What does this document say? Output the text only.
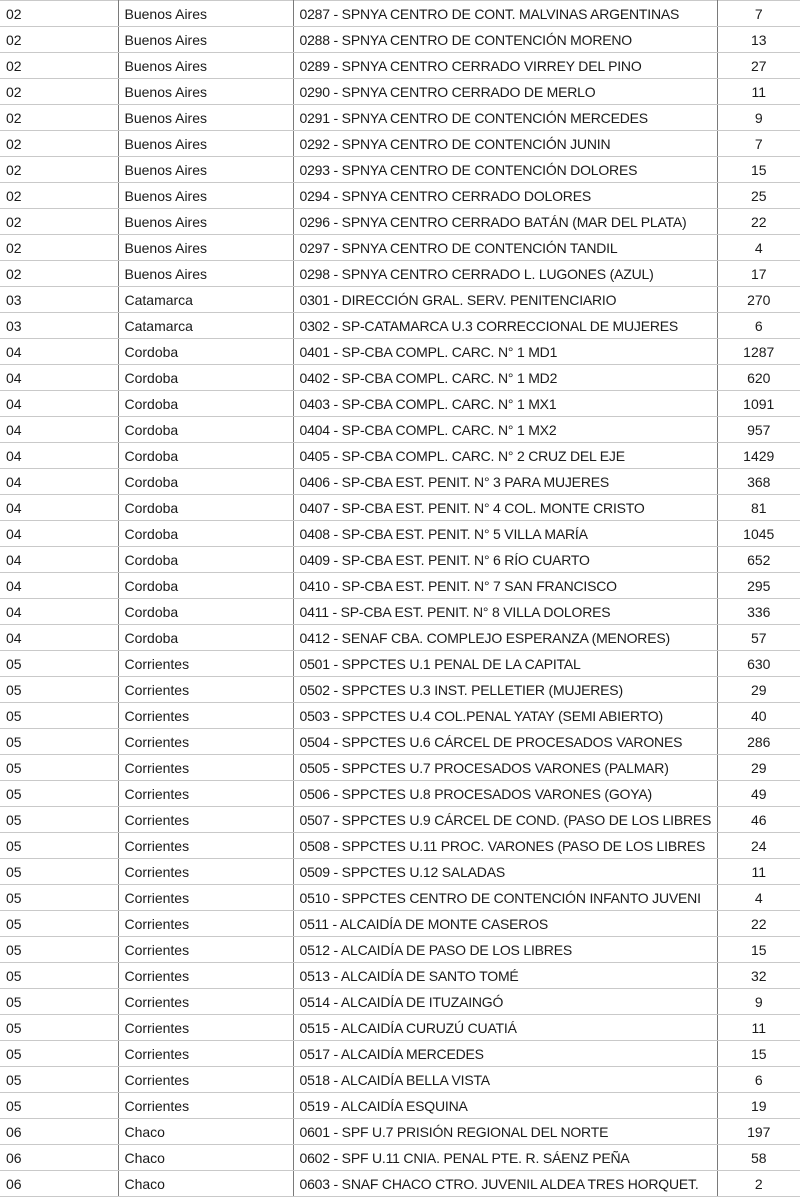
02	Buenos Aires	0287 - SPNYA CENTRO DE CONT. MALVINAS ARGENTINAS	7
02	Buenos Aires	0288 - SPNYA CENTRO DE CONTENCIÓN MORENO	13
02	Buenos Aires	0289 - SPNYA CENTRO CERRADO VIRREY DEL PINO	27
02	Buenos Aires	0290 - SPNYA CENTRO CERRADO DE MERLO	11
02	Buenos Aires	0291 - SPNYA CENTRO DE CONTENCIÓN MERCEDES	9
02	Buenos Aires	0292 - SPNYA CENTRO DE CONTENCIÓN JUNIN	7
02	Buenos Aires	0293 - SPNYA CENTRO DE CONTENCIÓN DOLORES	15
02	Buenos Aires	0294 - SPNYA CENTRO CERRADO DOLORES	25
02	Buenos Aires	0296 - SPNYA CENTRO CERRADO BATÁN (MAR DEL PLATA)	22
02	Buenos Aires	0297 - SPNYA CENTRO DE CONTENCIÓN TANDIL	4
02	Buenos Aires	0298 - SPNYA CENTRO CERRADO L. LUGONES (AZUL)	17
03	Catamarca	0301 - DIRECCIÓN GRAL. SERV. PENITENCIARIO	270
03	Catamarca	0302 - SP-CATAMARCA U.3 CORRECCIONAL DE MUJERES	6
04	Cordoba	0401 - SP-CBA COMPL. CARC. N° 1 MD1	1287
04	Cordoba	0402 - SP-CBA COMPL. CARC. N° 1 MD2	620
04	Cordoba	0403 - SP-CBA COMPL. CARC. N° 1 MX1	1091
04	Cordoba	0404 - SP-CBA COMPL. CARC. N° 1 MX2	957
04	Cordoba	0405 - SP-CBA COMPL. CARC. N° 2 CRUZ DEL EJE	1429
04	Cordoba	0406 - SP-CBA EST. PENIT. N° 3 PARA MUJERES	368
04	Cordoba	0407 - SP-CBA EST. PENIT. N° 4 COL. MONTE CRISTO	81
04	Cordoba	0408 - SP-CBA EST. PENIT. N° 5 VILLA MARÍA	1045
04	Cordoba	0409 - SP-CBA EST. PENIT. N° 6 RÍO CUARTO	652
04	Cordoba	0410 - SP-CBA EST. PENIT. N° 7 SAN FRANCISCO	295
04	Cordoba	0411 - SP-CBA EST. PENIT. N° 8 VILLA DOLORES	336
04	Cordoba	0412 - SENAF CBA. COMPLEJO ESPERANZA (MENORES)	57
05	Corrientes	0501 - SPPCTES U.1 PENAL DE LA CAPITAL	630
05	Corrientes	0502 - SPPCTES U.3 INST. PELLETIER (MUJERES)	29
05	Corrientes	0503 - SPPCTES U.4 COL.PENAL YATAY (SEMI ABIERTO)	40
05	Corrientes	0504 - SPPCTES U.6 CÁRCEL DE PROCESADOS VARONES	286
05	Corrientes	0505 - SPPCTES U.7 PROCESADOS VARONES (PALMAR)	29
05	Corrientes	0506 - SPPCTES U.8 PROCESADOS VARONES (GOYA)	49
05	Corrientes	0507 - SPPCTES U.9 CÁRCEL DE COND. (PASO DE LOS LIBRES	46
05	Corrientes	0508 - SPPCTES U.11 PROC. VARONES (PASO DE LOS LIBRES	24
05	Corrientes	0509 - SPPCTES U.12 SALADAS	11
05	Corrientes	0510 - SPPCTES CENTRO DE CONTENCIÓN INFANTO JUVENI	4
05	Corrientes	0511 - ALCAIDÍA DE MONTE CASEROS	22
05	Corrientes	0512 - ALCAIDÍA DE PASO DE LOS LIBRES	15
05	Corrientes	0513 - ALCAIDÍA DE SANTO TOMÉ	32
05	Corrientes	0514 - ALCAIDÍA DE ITUZAINGÓ	9
05	Corrientes	0515 - ALCAIDÍA CURUZÚ CUATIÁ	11
05	Corrientes	0517 - ALCAIDÍA MERCEDES	15
05	Corrientes	0518 - ALCAIDÍA BELLA VISTA	6
05	Corrientes	0519 - ALCAIDÍA ESQUINA	19
06	Chaco	0601 - SPF U.7 PRISIÓN REGIONAL DEL NORTE	197
06	Chaco	0602 - SPF U.11 CNIA. PENAL PTE. R. SÁENZ PEÑA	58
06	Chaco	0603 - SNAF CHACO CTRO. JUVENIL ALDEA TRES HORQUET.	2
